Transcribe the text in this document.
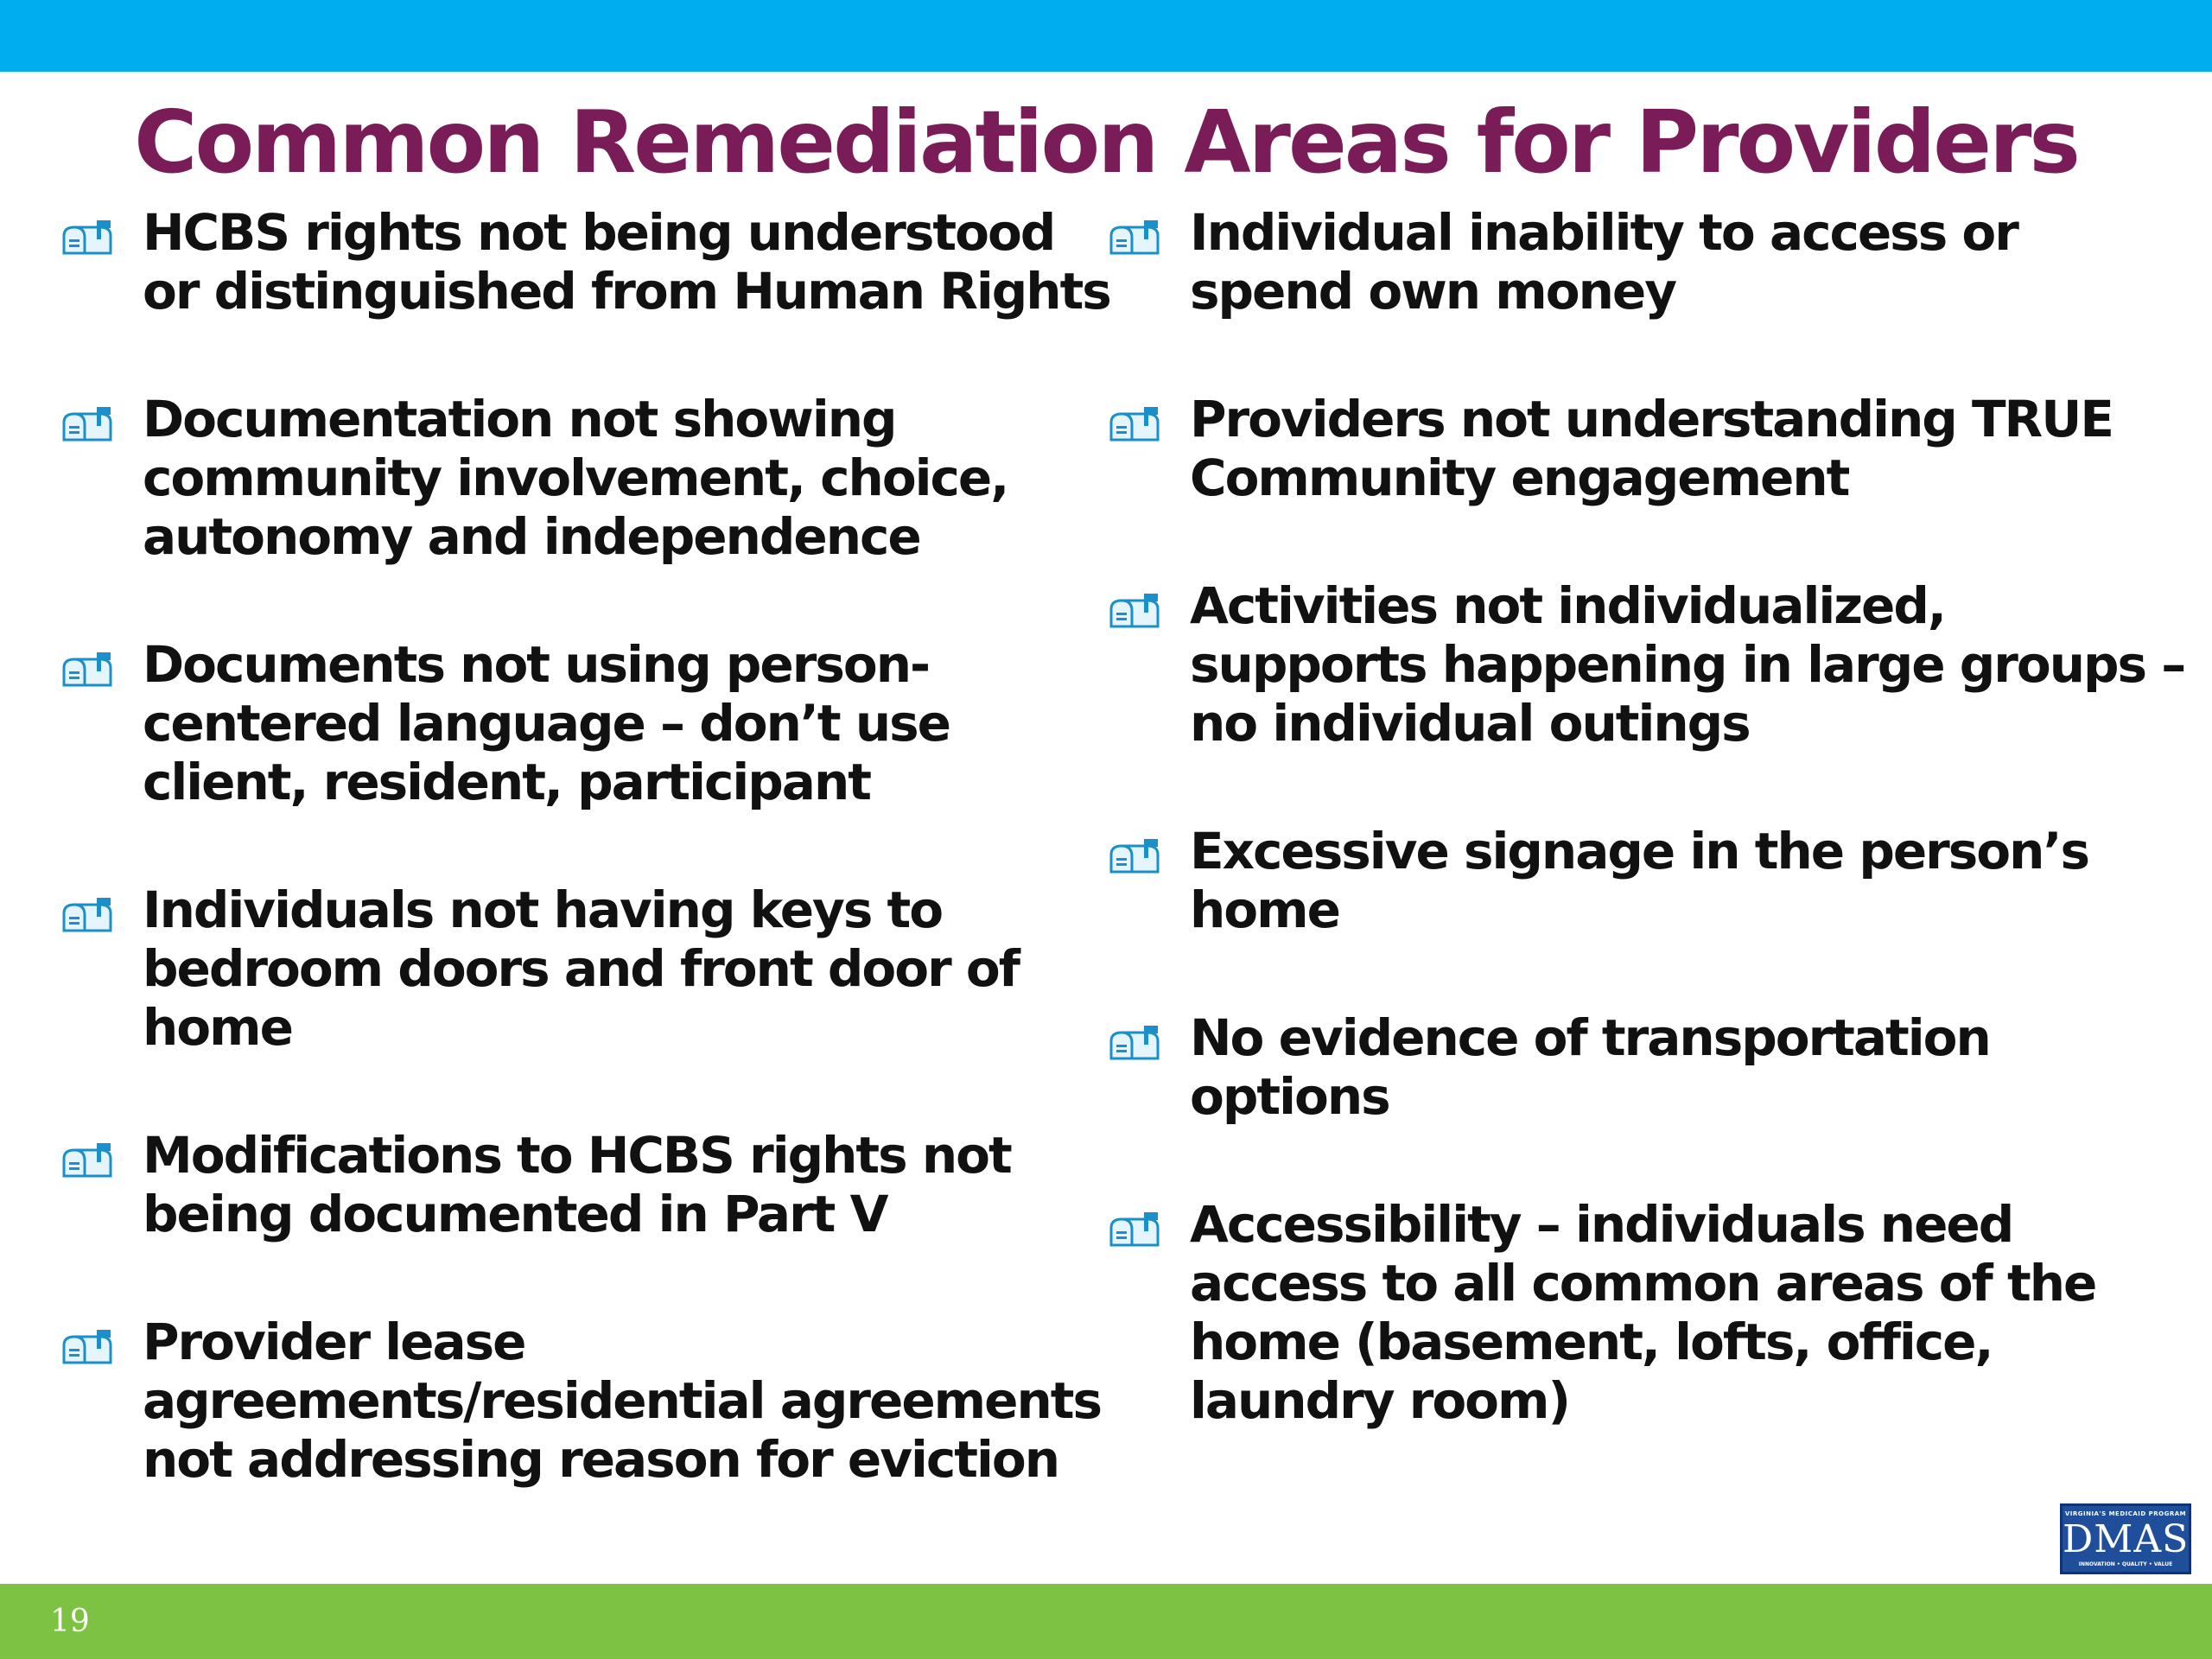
Common Remediation Areas for Providers
HCBS rights not being understood or distinguished from Human Rights
Documentation not showing community involvement, choice, autonomy and independence
Documents not using person-centered language – don’t use client, resident, participant
Individuals not having keys to bedroom doors and front door of home
Modifications to HCBS rights not being documented in Part V
Provider lease agreements/residential agreements not addressing reason for eviction
Individual inability to access or spend own money
Providers not understanding TRUE Community engagement
Activities not individualized, supports happening in large groups – no individual outings
Excessive signage in the person’s home
No evidence of transportation options
Accessibility – individuals need access to all common areas of the home (basement, lofts, office, laundry room)
VIRGINIA'S MEDICAID PROGRAM
DMAS
INNOVATION • QUALITY • VALUE
19
